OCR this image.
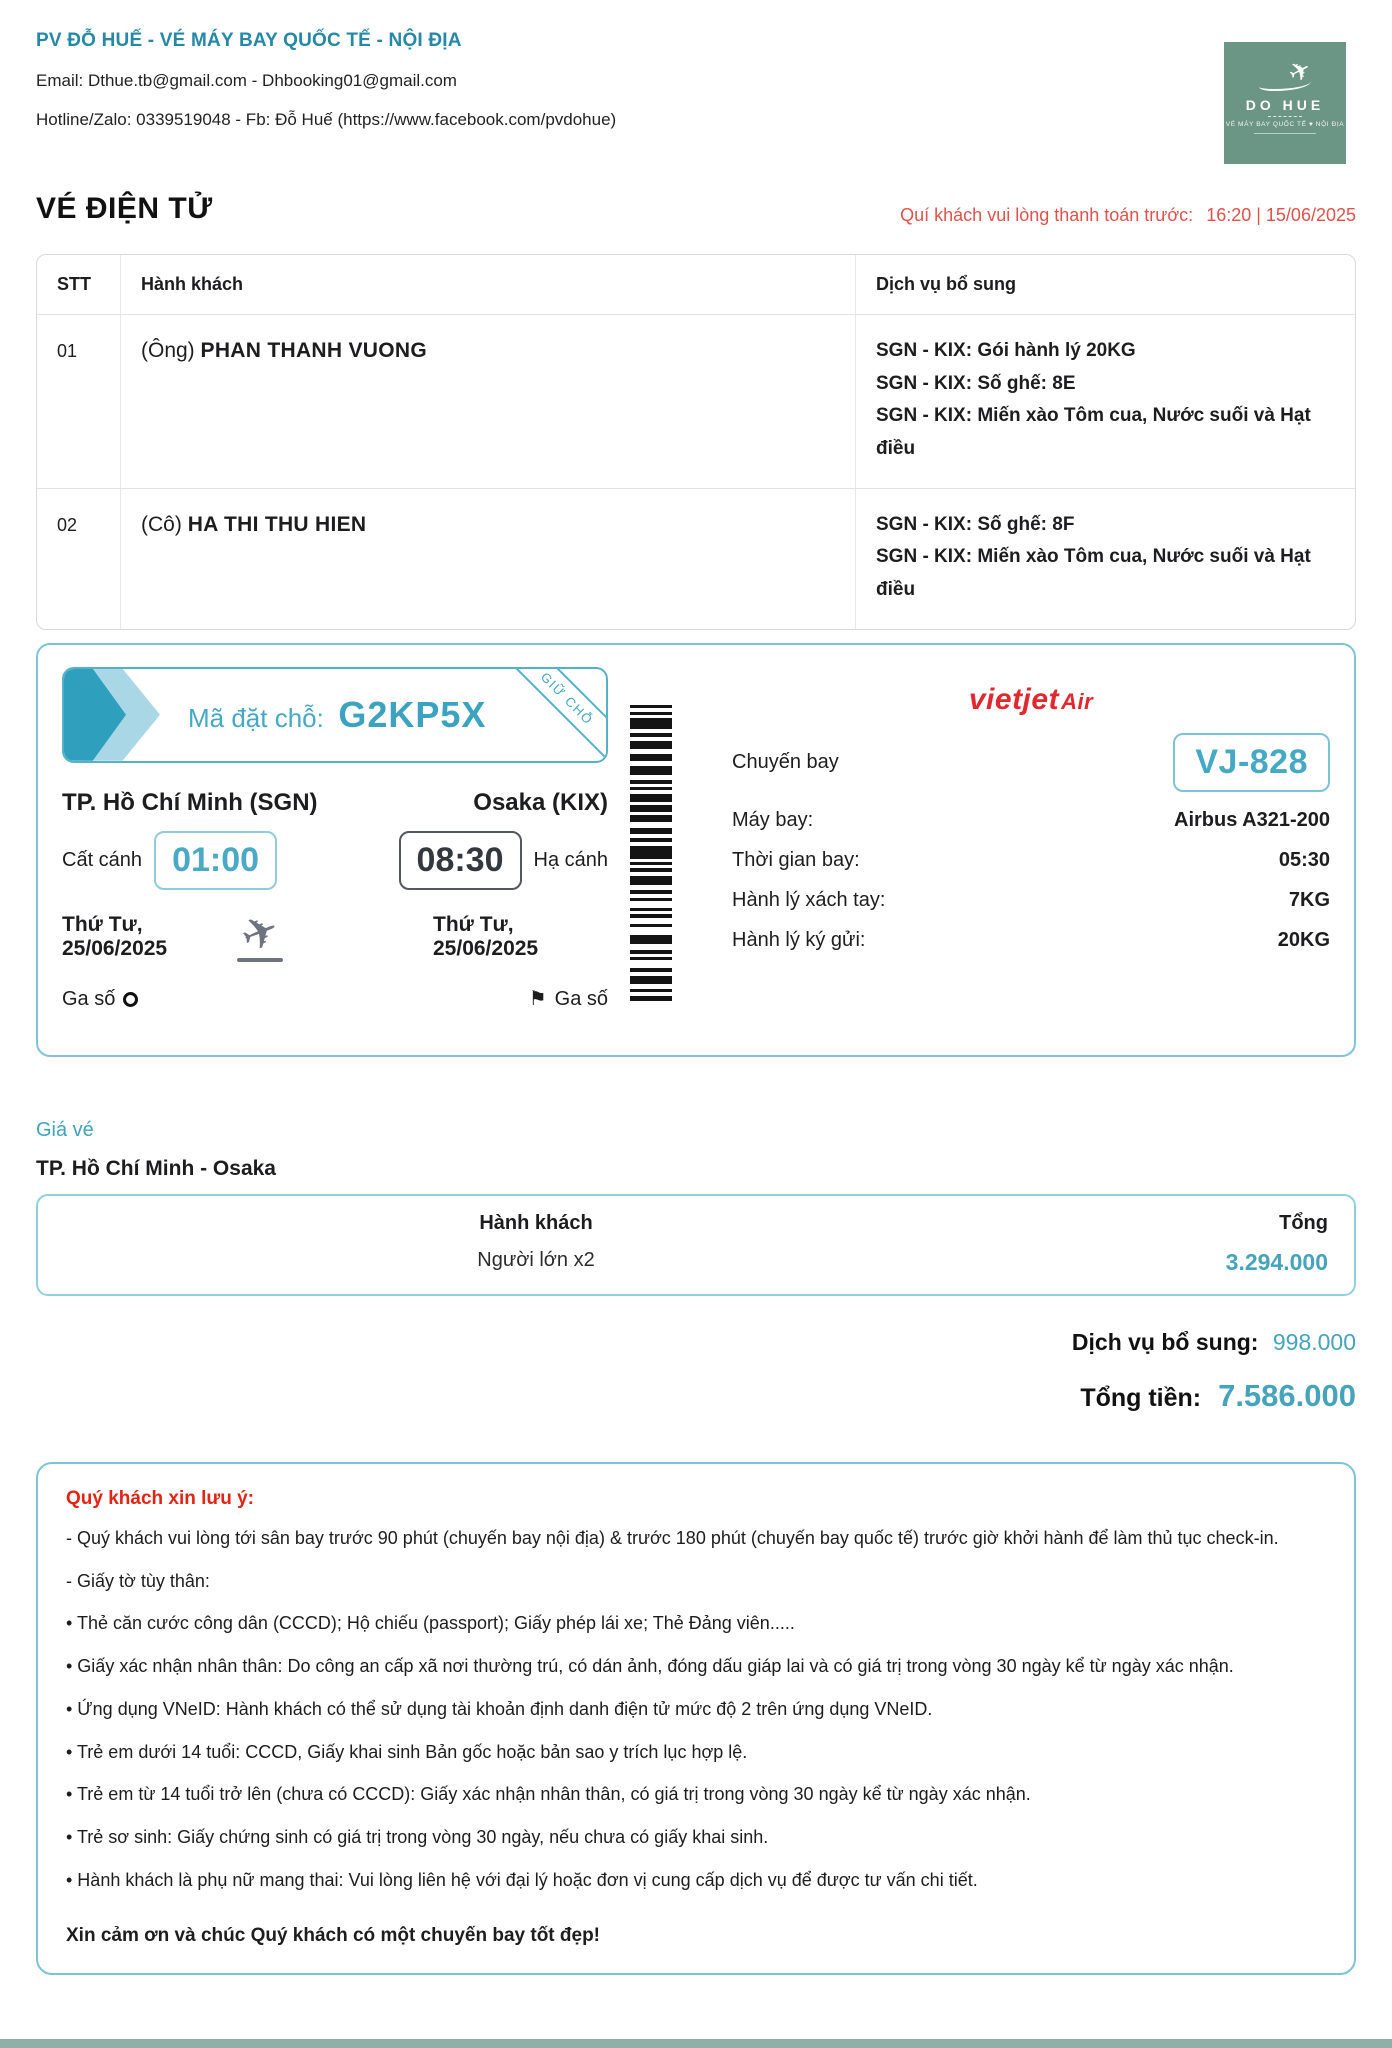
PV ĐỖ HUẾ - VÉ MÁY BAY QUỐC TẾ - NỘI ĐỊA
Email: Dthue.tb@gmail.com - Dhbooking01@gmail.com
Hotline/Zalo: 0339519048 - Fb: Đỗ Huế (https://www.facebook.com/pvdohue)
✈
DO HUE
VÉ MÁY BAY QUỐC TẾ ♥ NỘI ĐỊA
VÉ ĐIỆN TỬ	Quí khách vui lòng thanh toán trước: 16:20 | 15/06/2025
STT	Hành khách	Dịch vụ bổ sung
01	(Ông) PHAN THANH VUONG	SGN - KIX: Gói hành lý 20KG
SGN - KIX: Số ghế: 8E
SGN - KIX: Miến xào Tôm cua, Nước suối và Hạt điều
02	(Cô) HA THI THU HIEN	SGN - KIX: Số ghế: 8F
SGN - KIX: Miến xào Tôm cua, Nước suối và Hạt điều
Mã đặt chỗ: G2KP5X	GIỮ CHỖ
TP. Hồ Chí Minh (SGN)	Osaka (KIX)
Cất cánh 01:00	08:30	Hạ cánh
Thứ Tư, 25/06/2025	✈	Thứ Tư, 25/06/2025
Ga số	⚑ Ga số
vietjetAir
Chuyến bay	VJ-828
Máy bay:	Airbus A321-200
Thời gian bay:	05:30
Hành lý xách tay:	7KG
Hành lý ký gửi:	20KG
Giá vé
TP. Hồ Chí Minh - Osaka
Hành khách	Tổng
Người lớn x2	3.294.000
Dịch vụ bổ sung: 998.000
Tổng tiền: 7.586.000
Quý khách xin lưu ý:
- Quý khách vui lòng tới sân bay trước 90 phút (chuyến bay nội địa) & trước 180 phút (chuyến bay quốc tế) trước giờ khởi hành để làm thủ tục check-in.
- Giấy tờ tùy thân:
• Thẻ căn cước công dân (CCCD); Hộ chiếu (passport); Giấy phép lái xe; Thẻ Đảng viên.....
• Giấy xác nhận nhân thân: Do công an cấp xã nơi thường trú, có dán ảnh, đóng dấu giáp lai và có giá trị trong vòng 30 ngày kể từ ngày xác nhận.
• Ứng dụng VNeID: Hành khách có thể sử dụng tài khoản định danh điện tử mức độ 2 trên ứng dụng VNeID.
• Trẻ em dưới 14 tuổi: CCCD, Giấy khai sinh Bản gốc hoặc bản sao y trích lục hợp lệ.
• Trẻ em từ 14 tuổi trở lên (chưa có CCCD): Giấy xác nhận nhân thân, có giá trị trong vòng 30 ngày kể từ ngày xác nhận.
• Trẻ sơ sinh: Giấy chứng sinh có giá trị trong vòng 30 ngày, nếu chưa có giấy khai sinh.
• Hành khách là phụ nữ mang thai: Vui lòng liên hệ với đại lý hoặc đơn vị cung cấp dịch vụ để được tư vấn chi tiết.
Xin cảm ơn và chúc Quý khách có một chuyến bay tốt đẹp!
